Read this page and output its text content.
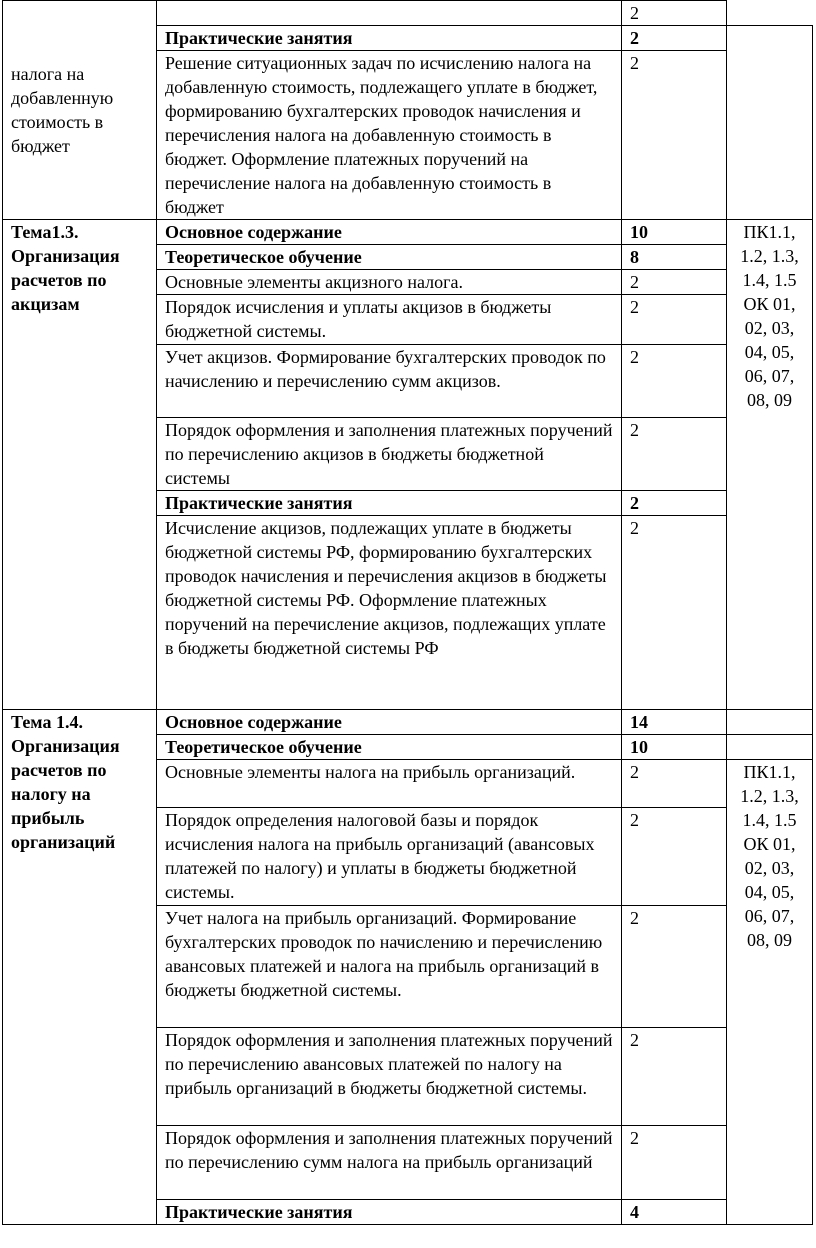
налога на добавленную стоимость в бюджет		2	
	Практические занятия	2	
	Решение ситуационных задач по исчислению налога на добавленную стоимость, подлежащего уплате в бюджет, формированию бухгалтерских проводок начисления и перечисления налога на добавленную стоимость в бюджет. Оформление платежных поручений на перечисление налога на добавленную стоимость в бюджет	2	
Тема1.3. Организация расчетов по акцизам	Основное содержание	10	ПК1.1, 1.2, 1.3, 1.4, 1.5 ОК 01, 02, 03, 04, 05, 06, 07, 08, 09
	Теоретическое обучение	8	
	Основные элементы акцизного налога.	2	
	Порядок исчисления и уплаты акцизов в бюджеты бюджетной системы.	2	
	Учет акцизов. Формирование бухгалтерских проводок по начислению и перечислению сумм акцизов.	2	
	Порядок оформления и заполнения платежных поручений по перечислению акцизов в бюджеты бюджетной системы	2	
	Практические занятия	2	
	Исчисление акцизов, подлежащих уплате в бюджеты бюджетной системы РФ, формированию бухгалтерских проводок начисления и перечисления акцизов в бюджеты бюджетной системы РФ. Оформление платежных поручений на перечисление акцизов, подлежащих уплате в бюджеты бюджетной системы РФ	2	
Тема 1.4. Организация расчетов по налогу на прибыль организаций	Основное содержание	14	
	Теоретическое обучение	10	
	Основные элементы налога на прибыль организаций.	2	ПК1.1, 1.2, 1.3, 1.4, 1.5 ОК 01, 02, 03, 04, 05, 06, 07, 08, 09
	Порядок определения налоговой базы и порядок исчисления налога на прибыль организаций (авансовых платежей по налогу) и уплаты в бюджеты бюджетной системы.	2	
	Учет налога на прибыль организаций. Формирование бухгалтерских проводок по начислению и перечислению авансовых платежей и налога на прибыль организаций в бюджеты бюджетной системы.	2	
	Порядок оформления и заполнения платежных поручений по перечислению авансовых платежей по налогу на прибыль организаций в бюджеты бюджетной системы.	2	
	Порядок оформления и заполнения платежных поручений по перечислению сумм налога на прибыль организаций	2	
	Практические занятия	4	
